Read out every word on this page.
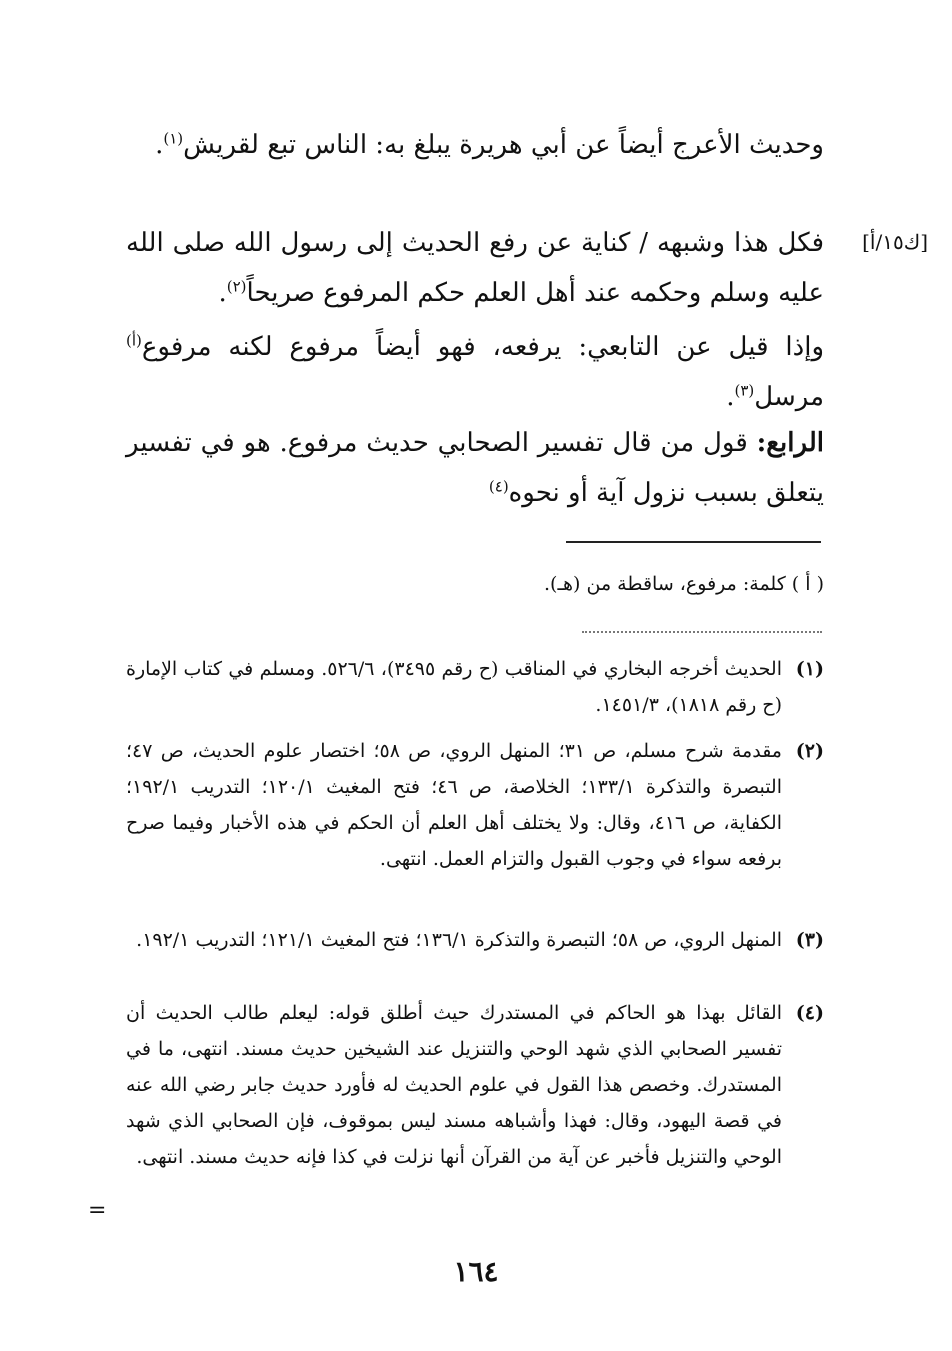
وحديث الأعرج أيضاً عن أبي هريرة يبلغ به: الناس تبع لقريش$^{(١)}$.

[ك١٥/أ]

فكل هذا وشبهه / كناية عن رفع الحديث إلى رسول الله صلى الله عليه وسلم وحكمه عند أهل العلم حكم المرفوع صريحاً$^{(٢)}$.

وإذا قيل عن التابعي: يرفعه، فهو أيضاً مرفوع لكنه مرفوع$^{(أ)}$ مرسل$^{(٣)}$.

الرابع: قول من قال تفسير الصحابي حديث مرفوع. هو في تفسير يتعلق بسبب نزول آية أو نحوه$^{(٤)}$

( أ ) كلمة: مرفوع، ساقطة من (هـ).

(١)
الحديث أخرجه البخاري في المناقب (ح رقم ٣٤٩٥)، ٥٢٦/٦. ومسلم في كتاب الإمارة (ح رقم ١٨١٨)، ١٤٥١/٣.
(٢)
مقدمة شرح مسلم، ص ٣١؛ المنهل الروي، ص ٥٨؛ اختصار علوم الحديث، ص ٤٧؛ التبصرة والتذكرة ١٣٣/١؛ الخلاصة، ص ٤٦؛ فتح المغيث ١٢٠/١؛ التدريب ١٩٢/١؛ الكفاية، ص ٤١٦، وقال: ولا يختلف أهل العلم أن الحكم في هذه الأخبار وفيما صرح برفعه سواء في وجوب القبول والتزام العمل. انتهى.
(٣)
المنهل الروي، ص ٥٨؛ التبصرة والتذكرة ١٣٦/١؛ فتح المغيث ١٢١/١؛ التدريب ١٩٢/١.
(٤)
القائل بهذا هو الحاكم في المستدرك حيث أطلق قوله: ليعلم طالب الحديث أن تفسير الصحابي الذي شهد الوحي والتنزيل عند الشيخين حديث مسند. انتهى، ما في المستدرك. وخصص هذا القول في علوم الحديث له فأورد حديث جابر رضي الله عنه في قصة اليهود، وقال: فهذا وأشباهه مسند ليس بموقوف، فإن الصحابي الذي شهد الوحي والتنزيل فأخبر عن آية من القرآن أنها نزلت في كذا فإنه حديث مسند. انتهى.
=
١٦٤
